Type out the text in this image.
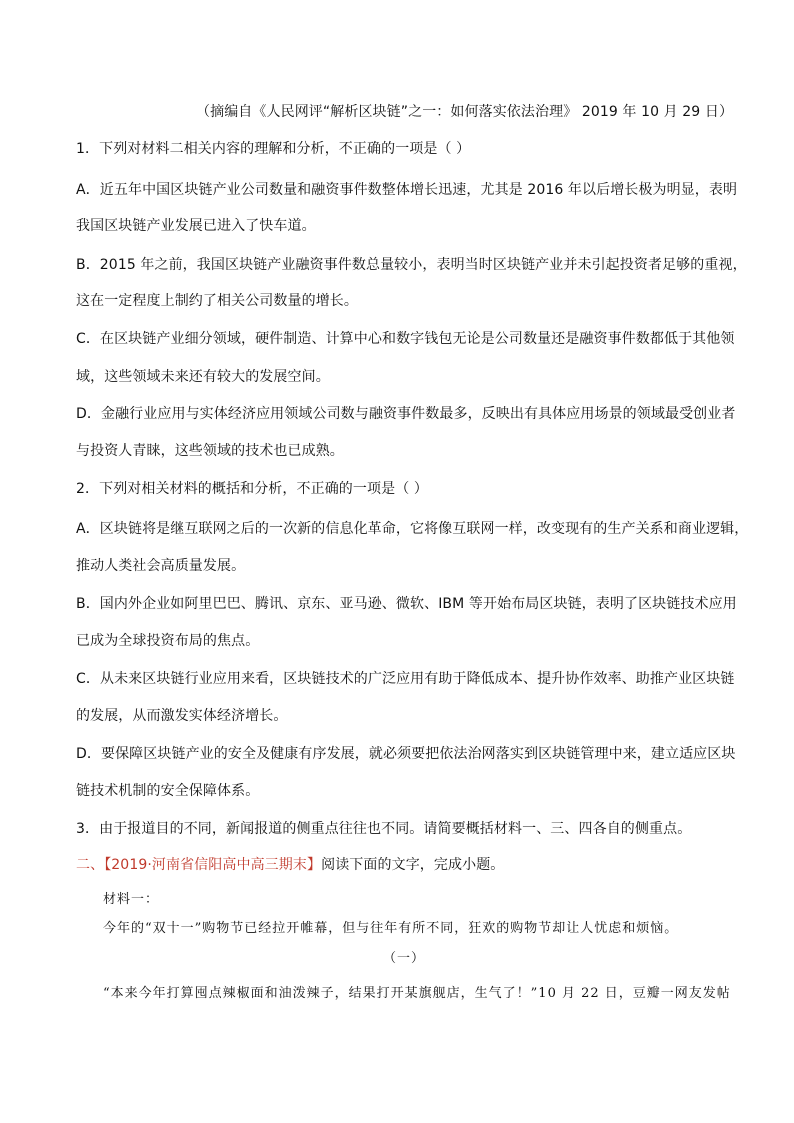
（摘编自《人民网评“解析区块链”之一：如何落实依法治理》 2019 年 10 月 29 日）
1．下列对材料二相关内容的理解和分析，不正确的一项是（ ）
A．近五年中国区块链产业公司数量和融资事件数整体增长迅速，尤其是 2016 年以后增长极为明显，表明
我国区块链产业发展已进入了快车道。
B．2015 年之前，我国区块链产业融资事件数总量较小，表明当时区块链产业并未引起投资者足够的重视，
这在一定程度上制约了相关公司数量的增长。
C．在区块链产业细分领域，硬件制造、计算中心和数字钱包无论是公司数量还是融资事件数都低于其他领
域，这些领域未来还有较大的发展空间。
D．金融行业应用与实体经济应用领域公司数与融资事件数最多，反映出有具体应用场景的领域最受创业者
与投资人青睐，这些领域的技术也已成熟。
2．下列对相关材料的概括和分析，不正确的一项是（ ）
A．区块链将是继互联网之后的一次新的信息化革命，它将像互联网一样，改变现有的生产关系和商业逻辑，
推动人类社会高质量发展。
B．国内外企业如阿里巴巴、腾讯、京东、亚马逊、微软、IBM 等开始布局区块链，表明了区块链技术应用
已成为全球投资布局的焦点。
C．从未来区块链行业应用来看，区块链技术的广泛应用有助于降低成本、提升协作效率、助推产业区块链
的发展，从而激发实体经济增长。
D．要保障区块链产业的安全及健康有序发展，就必须要把依法治网落实到区块链管理中来，建立适应区块
链技术机制的安全保障体系。
3．由于报道目的不同，新闻报道的侧重点往往也不同。请简要概括材料一、三、四各自的侧重点。
二、【2019·河南省信阳高中高三期末】阅读下面的文字，完成小题。
材料一：
今年的“双十一”购物节已经拉开帷幕，但与往年有所不同，狂欢的购物节却让人忧虑和烦恼。
（一）
“本来今年打算囤点辣椒面和油泼辣子，结果打开某旗舰店，生气了！”10 月 22 日，豆瓣一网友发帖
